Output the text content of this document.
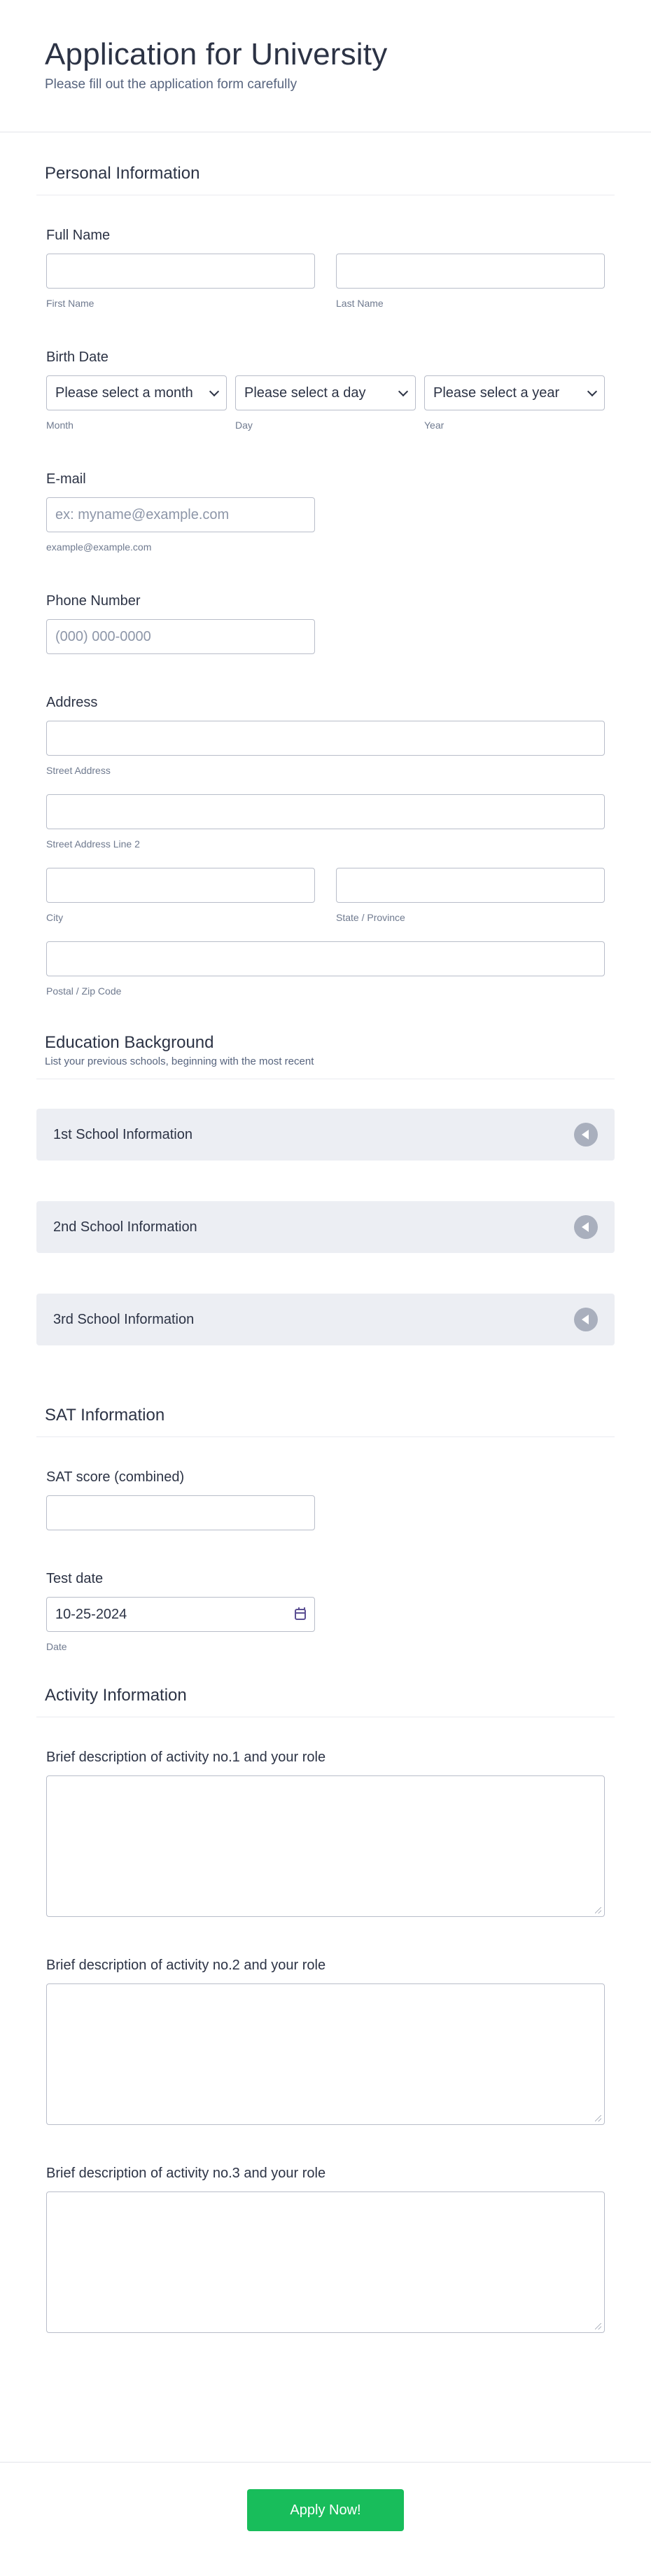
Application for University

Please fill out the application form carefully

Personal Information
Full Name
First Name	Last Name
Birth Date
Please select a month
Month
Please select a day
Day
Please select a year
Year
E-mail
ex: myname@example.com
example@example.com
Phone Number
(000) 000-0000
Address
Street Address
Street Address Line 2
City	State / Province
Postal / Zip Code
Education Background
List your previous schools, beginning with the most recent
1st School Information
2nd School Information
3rd School Information
SAT Information
SAT score (combined)
Test date
10-25-2024
Date
Activity Information
Brief description of activity no.1 and your role
Brief description of activity no.2 and your role
Brief description of activity no.3 and your role
Apply Now!
